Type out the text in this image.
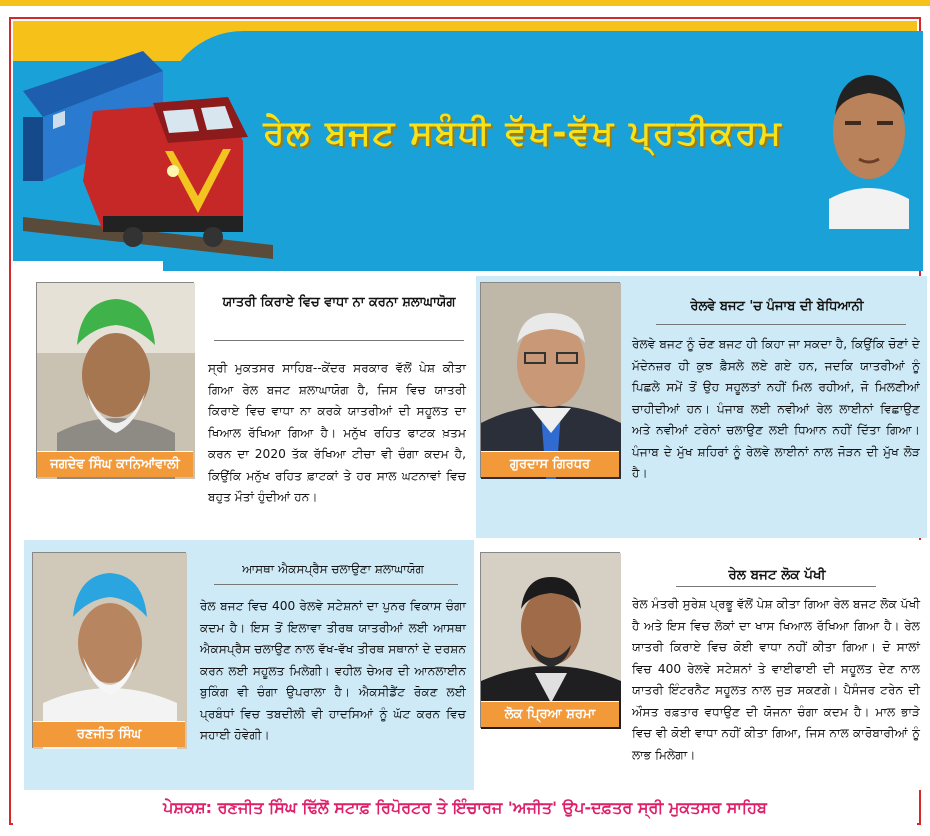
ਰੇਲ ਬਜਟ ਸਬੰਧੀ ਵੱਖ-ਵੱਖ ਪ੍ਰਤੀਕਰਮ
ਜਗਦੇਵ ਸਿੰਘ ਕਾਨਿਆਂਵਾਲੀ
ਯਾਤਰੀ ਕਿਰਾਏ ਵਿਚ ਵਾਧਾ ਨਾ ਕਰਨਾ ਸ਼ਲਾਘਾਯੋਗ
ਸ੍ਰੀ ਮੁਕਤਸਰ ਸਾਹਿਬ--ਕੇਂਦਰ ਸਰਕਾਰ ਵੱਲੋਂ ਪੇਸ਼ ਕੀਤਾ ਗਿਆ ਰੇਲ ਬਜਟ ਸ਼ਲਾਘਾਯੋਗ ਹੈ, ਜਿਸ ਵਿਚ ਯਾਤਰੀ ਕਿਰਾਏ ਵਿਚ ਵਾਧਾ ਨਾ ਕਰਕੇ ਯਾਤਰੀਆਂ ਦੀ ਸਹੂਲਤ ਦਾ ਖਿਆਲ ਰੱਖਿਆ ਗਿਆ ਹੈ। ਮਨੁੱਖ ਰਹਿਤ ਫਾਟਕ ਖ਼ਤਮ ਕਰਨ ਦਾ 2020 ਤੱਕ ਰੱਖਿਆ ਟੀਚਾ ਵੀ ਚੰਗਾ ਕਦਮ ਹੈ, ਕਿਉਂਕਿ ਮਨੁੱਖ ਰਹਿਤ ਫ਼ਾਟਕਾਂ ਤੇ ਹਰ ਸਾਲ ਘਟਨਾਵਾਂ ਵਿਚ ਬਹੁਤ ਮੌਤਾਂ ਹੁੰਦੀਆਂ ਹਨ।
ਗੁਰਦਾਸ ਗਿਰਧਰ
ਰੇਲਵੇ ਬਜਟ 'ਚ ਪੰਜਾਬ ਦੀ ਬੇਧਿਆਨੀ
ਰੇਲਵੇ ਬਜਟ ਨੂੰ ਚੋਣ ਬਜਟ ਹੀ ਕਿਹਾ ਜਾ ਸਕਦਾ ਹੈ, ਕਿਉਂਕਿ ਚੋਣਾਂ ਦੇ ਮੱਦੇਨਜ਼ਰ ਹੀ ਕੁਝ ਫ਼ੈਸਲੇ ਲਏ ਗਏ ਹਨ, ਜਦਕਿ ਯਾਤਰੀਆਂ ਨੂੰ ਪਿਛਲੇ ਸਮੇਂ ਤੋਂ ਉਹ ਸਹੂਲਤਾਂ ਨਹੀਂ ਮਿਲ ਰਹੀਆਂ, ਜੋ ਮਿਲਣੀਆਂ ਚਾਹੀਦੀਆਂ ਹਨ। ਪੰਜਾਬ ਲਈ ਨਵੀਆਂ ਰੇਲ ਲਾਈਨਾਂ ਵਿਛਾਉਣ ਅਤੇ ਨਵੀਆਂ ਟਰੇਨਾਂ ਚਲਾਉਣ ਲਈ ਧਿਆਨ ਨਹੀਂ ਦਿੱਤਾ ਗਿਆ। ਪੰਜਾਬ ਦੇ ਮੁੱਖ ਸ਼ਹਿਰਾਂ ਨੂੰ ਰੇਲਵੇ ਲਾਈਨਾਂ ਨਾਲ ਜੋੜਨ ਦੀ ਮੁੱਖ ਲੋੜ ਹੈ।
ਰਣਜੀਤ ਸਿੰਘ
ਆਸਥਾ ਐਕਸਪ੍ਰੈਸ ਚਲਾਉਣਾ ਸ਼ਲਾਘਾਯੋਗ
ਰੇਲ ਬਜਟ ਵਿਚ 400 ਰੇਲਵੇ ਸਟੇਸ਼ਨਾਂ ਦਾ ਪੁਨਰ ਵਿਕਾਸ ਚੰਗਾ ਕਦਮ ਹੈ। ਇਸ ਤੋਂ ਇਲਾਵਾ ਤੀਰਥ ਯਾਤਰੀਆਂ ਲਈ ਆਸਥਾ ਐਕਸਪ੍ਰੈਸ ਚਲਾਉਣ ਨਾਲ ਵੱਖ-ਵੱਖ ਤੀਰਥ ਸਥਾਨਾਂ ਦੇ ਦਰਸ਼ਨ ਕਰਨ ਲਈ ਸਹੂਲਤ ਮਿਲੇਗੀ। ਵਹੀਲ ਚੇਅਰ ਦੀ ਆਨਲਾਈਨ ਬੁਕਿੰਗ ਵੀ ਚੰਗਾ ਉਪਰਾਲਾ ਹੈ। ਐਕਸੀਡੈਂਟ ਰੋਕਣ ਲਈ ਪ੍ਰਬੰਧਾਂ ਵਿਚ ਤਬਦੀਲੀ ਵੀ ਹਾਦਸਿਆਂ ਨੂੰ ਘੱਟ ਕਰਨ ਵਿਚ ਸਹਾਈ ਹੋਵੇਗੀ।
ਲੋਕ ਪ੍ਰਿਆ ਸ਼ਰਮਾ
ਰੇਲ ਬਜਟ ਲੋਕ ਪੱਖੀ
ਰੇਲ ਮੰਤਰੀ ਸੁਰੇਸ਼ ਪ੍ਰਭੂ ਵੱਲੋਂ ਪੇਸ਼ ਕੀਤਾ ਗਿਆ ਰੇਲ ਬਜਟ ਲੋਕ ਪੱਖੀ ਹੈ ਅਤੇ ਇਸ ਵਿਚ ਲੋਕਾਂ ਦਾ ਖਾਸ ਖਿਆਲ ਰੱਖਿਆ ਗਿਆ ਹੈ। ਰੇਲ ਯਾਤਰੀ ਕਿਰਾਏ ਵਿਚ ਕੋਈ ਵਾਧਾ ਨਹੀਂ ਕੀਤਾ ਗਿਆ। ਦੋ ਸਾਲਾਂ ਵਿਚ 400 ਰੇਲਵੇ ਸਟੇਸ਼ਨਾਂ ਤੇ ਵਾਈਫਾਈ ਦੀ ਸਹੂਲਤ ਦੇਣ ਨਾਲ ਯਾਤਰੀ ਇੰਟਰਨੈਟ ਸਹੂਲਤ ਨਾਲ ਜੁੜ ਸਕਣਗੇ। ਪੈਸੰਜਰ ਟਰੇਨ ਦੀ ਔਸਤ ਰਫ਼ਤਾਰ ਵਧਾਉਣ ਦੀ ਯੋਜਨਾ ਚੰਗਾ ਕਦਮ ਹੈ। ਮਾਲ ਭਾੜੇ ਵਿਚ ਵੀ ਕੋਈ ਵਾਧਾ ਨਹੀਂ ਕੀਤਾ ਗਿਆ, ਜਿਸ ਨਾਲ ਕਾਰੋਬਾਰੀਆਂ ਨੂੰ ਲਾਭ ਮਿਲੇਗਾ।
ਪੇਸ਼ਕਸ਼: ਰਣਜੀਤ ਸਿੰਘ ਢਿੱਲੋਂ ਸਟਾਫ਼ ਰਿਪੋਰਟਰ ਤੇ ਇੰਚਾਰਜ 'ਅਜੀਤ' ਉਪ-ਦਫ਼ਤਰ ਸ੍ਰੀ ਮੁਕਤਸਰ ਸਾਹਿਬ
